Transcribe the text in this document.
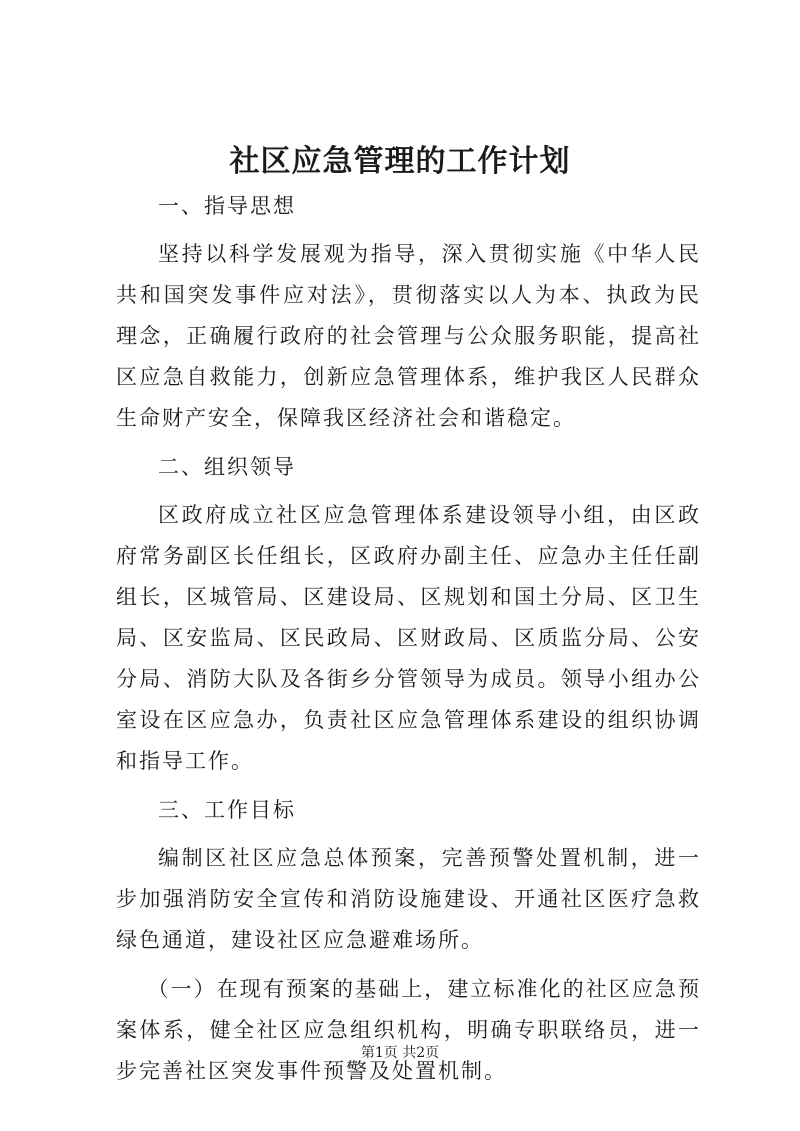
社区应急管理的工作计划

一、指导思想

坚持以科学发展观为指导，深入贯彻实施《中华人民共和国突发事件应对法》，贯彻落实以人为本、执政为民理念，正确履行政府的社会管理与公众服务职能，提高社区应急自救能力，创新应急管理体系，维护我区人民群众生命财产安全，保障我区经济社会和谐稳定。

二、组织领导

区政府成立社区应急管理体系建设领导小组，由区政府常务副区长任组长，区政府办副主任、应急办主任任副组长，区城管局、区建设局、区规划和国土分局、区卫生局、区安监局、区民政局、区财政局、区质监分局、公安分局、消防大队及各街乡分管领导为成员。领导小组办公室设在区应急办，负责社区应急管理体系建设的组织协调和指导工作。

三、工作目标

编制区社区应急总体预案，完善预警处置机制，进一步加强消防安全宣传和消防设施建设、开通社区医疗急救绿色通道，建设社区应急避难场所。

（一）在现有预案的基础上，建立标准化的社区应急预案体系，健全社区应急组织机构，明确专职联络员，进一步完善社区突发事件预警及处置机制。

第1页 共2页
